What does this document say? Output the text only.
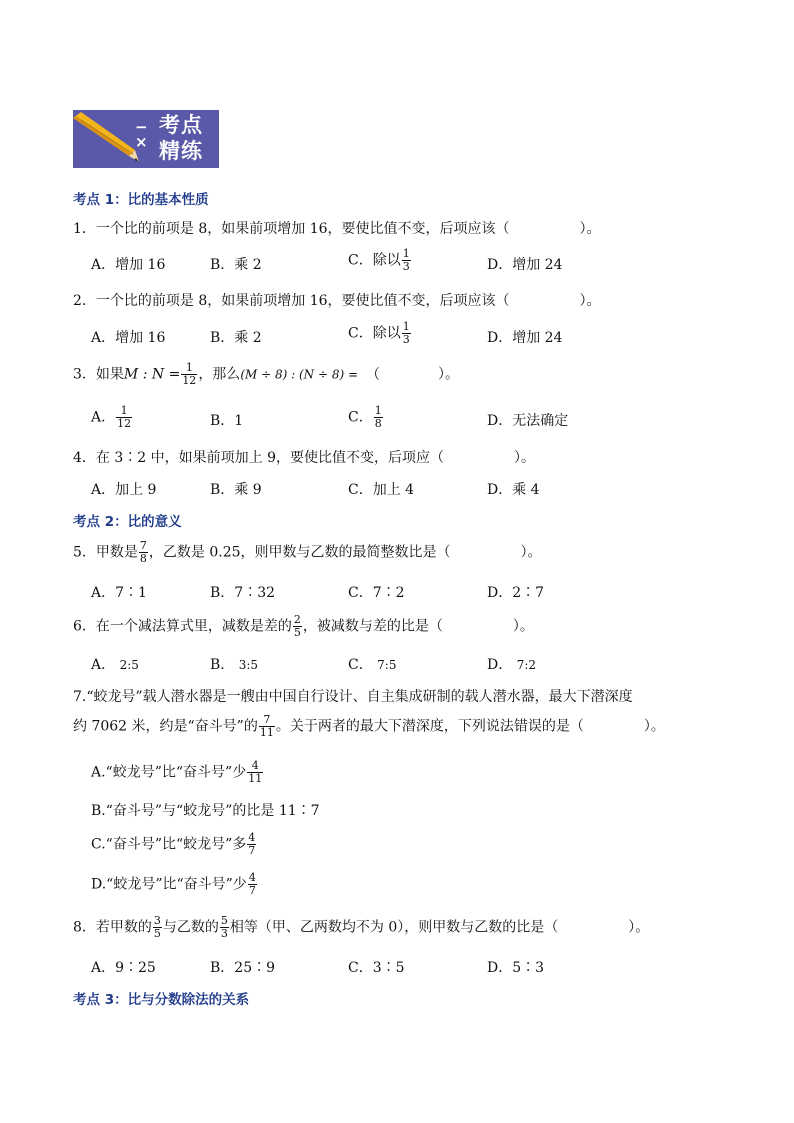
−
×
考点
精练
考点 1：比的基本性质
1．一个比的前项是 8，如果前项增加 16，要使比值不变，后项应该（	）。
A．增加 16	B．乘 2	C．除以 $\frac{1}{3}$	D．增加 24
2．一个比的前项是 8，如果前项增加 16，要使比值不变，后项应该（	）。
A．增加 16	B．乘 2	C．除以 $\frac{1}{3}$	D．增加 24
3．如果M : $N = \frac{1}{12}$ ，那么(M ÷ 8) : (N ÷ 8) = （	）。
A． $\frac{1}{12}$	B．1	C． $\frac{1}{8}$	D．无法确定
4．在 3∶2 中，如果前项加上 9，要使比值不变，后项应（	）。
A．加上 9	B．乘 9	C．加上 4	D．乘 4
考点 2：比的意义
5．甲数是 $\frac{7}{8}$ ，乙数是 0.25，则甲数与乙数的最简整数比是（	）。
A．7∶1	B．7∶32	C．7∶2	D．2∶7
6．在一个减法算式里，减数是差的 $\frac{2}{5}$ ，被减数与差的比是（	）。
A． 2:5	B． 3:5	C． 7:5	D． 7:2
7.“蛟龙号”载人潜水器是一艘由中国自行设计、自主集成研制的载人潜水器，最大下潜深度
约 7062 米，约是“奋斗号”的 $\frac{7}{11}$ 。关于两者的最大下潜深度，下列说法错误的是（	）。
A.“蛟龙号”比“奋斗号”少 $\frac{4}{11}$
B.“奋斗号”与“蛟龙号”的比是 11∶7
C.“奋斗号”比“蛟龙号”多 $\frac{4}{7}$
D.“蛟龙号”比“奋斗号”少 $\frac{4}{7}$
8．若甲数的 $\frac{3}{5}$ 与乙数的 $\frac{5}{3}$ 相等（甲、乙两数均不为 0），则甲数与乙数的比是（	）。
A．9∶25	B．25∶9	C．3∶5	D．5∶3
考点 3：比与分数除法的关系
